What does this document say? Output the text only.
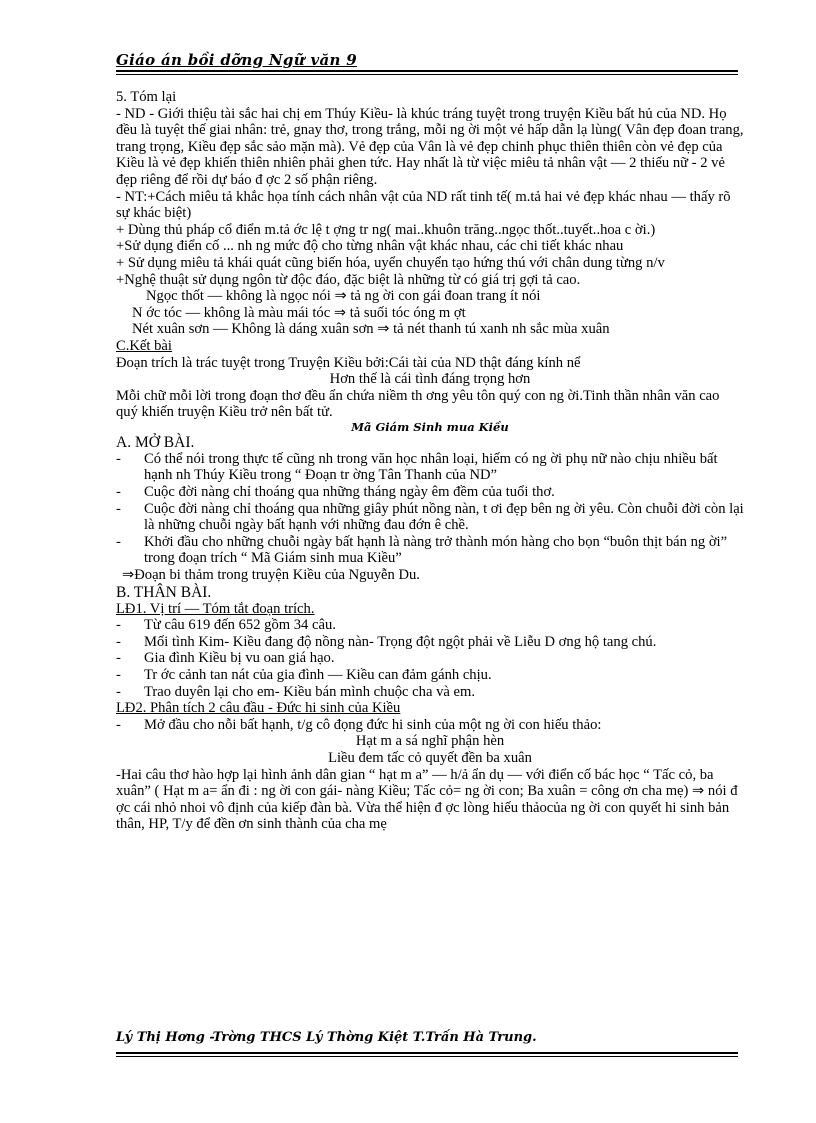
Giáo án bồi dỡng Ngữ văn 9

5. Tóm lại

- ND - Giới thiệu tài sắc hai chị em Thúy Kiều- là khúc tráng tuyệt trong truyện Kiều bất hủ của ND. Họ đều là tuyệt thế giai nhân: trẻ, gnay thơ, trong trắng, mỗi ng ời một vẻ hấp dẫn lạ lùng( Vân đẹp đoan trang, trang trọng, Kiều đẹp sắc sảo mặn mà). Vẻ đẹp của Vân là vẻ đẹp chinh phục thiên thiên còn vẻ đẹp của Kiều là vẻ đẹp khiến thiên nhiên phải ghen tức. Hay nhất là từ việc miêu tả nhân vật — 2 thiếu nữ - 2 vẻ đẹp riêng để rồi dự báo đ ợc 2 số phận riêng.

- NT:+Cách miêu tả khắc họa tính cách nhân vật của ND rất tinh tế( m.tả hai vẻ đẹp khác nhau — thấy rõ sự khác biệt)

+ Dùng thủ pháp cổ điển m.tả ớc lệ t ợng tr ng( mai..khuôn trăng..ngọc thốt..tuyết..hoa c ời.)

+Sử dụng điển cố ... nh ng mức độ cho từng nhân vật khác nhau, các chi tiết khác nhau

+ Sử dụng miêu tả khái quát cũng biến hóa, uyển chuyển tạo hứng thú với chân dung từng n/v

+Nghệ thuật sử dụng ngôn từ độc đáo, đặc biệt là những từ có giá trị gợi tả cao.

Ngọc thốt — không là ngọc nói ⇒ tả ng ời con gái đoan trang ít nói

N ớc tóc — không là màu mái tóc ⇒ tả suối tóc óng m ợt

Nét xuân sơn — Không là dáng xuân sơn ⇒ tả nét thanh tú xanh nh sắc mùa xuân

C.Kết bài

Đoạn trích là trác tuyệt trong Truyện Kiều bởi:Cái tài của ND thật đáng kính nể

Hơn thế là cái tình đáng trọng hơn

Mỗi chữ mỗi lời trong đoạn thơ đều ẩn chứa niềm th ơng yêu tôn quý con ng ời.Tinh thần nhân văn cao quý khiến truyện Kiều trở nên bất tử.

Mã Giám Sinh mua Kiều

A. MỞ BÀI.

-	Có thể nói trong thực tế cũng nh trong văn học nhân loại, hiếm có ng ời phụ nữ nào chịu nhiều bất hạnh nh Thúy Kiều trong “ Đoạn tr ờng Tân Thanh của ND”
-	Cuộc đời nàng chỉ thoáng qua những tháng ngày êm đềm của tuổi thơ.
-	Cuộc đời nàng chỉ thoáng qua những giây phút nồng nàn, t ơi đẹp bên ng ời yêu. Còn chuỗi đời còn lại là những chuỗi ngày bất hạnh với những đau đớn ê chề.
-	Khởi đầu cho những chuỗi ngày bất hạnh là nàng trở thành món hàng cho bọn “buôn thịt bán ng ời” trong đoạn trích “ Mã Giám sinh mua Kiều”

⇒Đoạn bi thảm trong truyện Kiều của Nguyễn Du.

B. THÂN BÀI.

LĐ1. Vị trí — Tóm tắt đoạn trích.

-	Từ câu 619 đến 652 gồm 34 câu.
-	Mối tình Kim- Kiều đang độ nồng nàn- Trọng đột ngột phải về Liễu D ơng hộ tang chú.
-	Gia đình Kiều bị vu oan giá hạo.
-	Tr ớc cảnh tan nát của gia đình — Kiều can đảm gánh chịu.
-	Trao duyên lại cho em- Kiều bán mình chuộc cha và em.

LĐ2. Phân tích 2 câu đầu - Đức hi sinh của Kiều

-	Mở đầu cho nỗi bất hạnh, t/g cô đọng đức hi sinh của một ng ời con hiếu thảo:

Hạt m a sá nghĩ phận hèn

Liều đem tấc cỏ quyết đền ba xuân

-Hai câu thơ hào hợp lại hình ảnh dân gian “ hạt m a” — h/ả ẩn dụ — với điển cố bác học “ Tấc cỏ, ba xuân” ( Hạt m a= ẩn đi : ng ời con gái- nàng Kiều; Tấc cỏ= ng ời con; Ba xuân = công ơn cha mẹ) ⇒ nói đ ợc cái nhỏ nhoi vô định của kiếp đàn bà. Vừa thể hiện đ ợc lòng hiếu thảocủa ng ời con quyết hi sinh bản thân, HP, T/y để đền ơn sinh thành của cha mẹ

Lý Thị Hơng -Trờng THCS Lý Thờng Kiệt T.Trấn Hà Trung.
